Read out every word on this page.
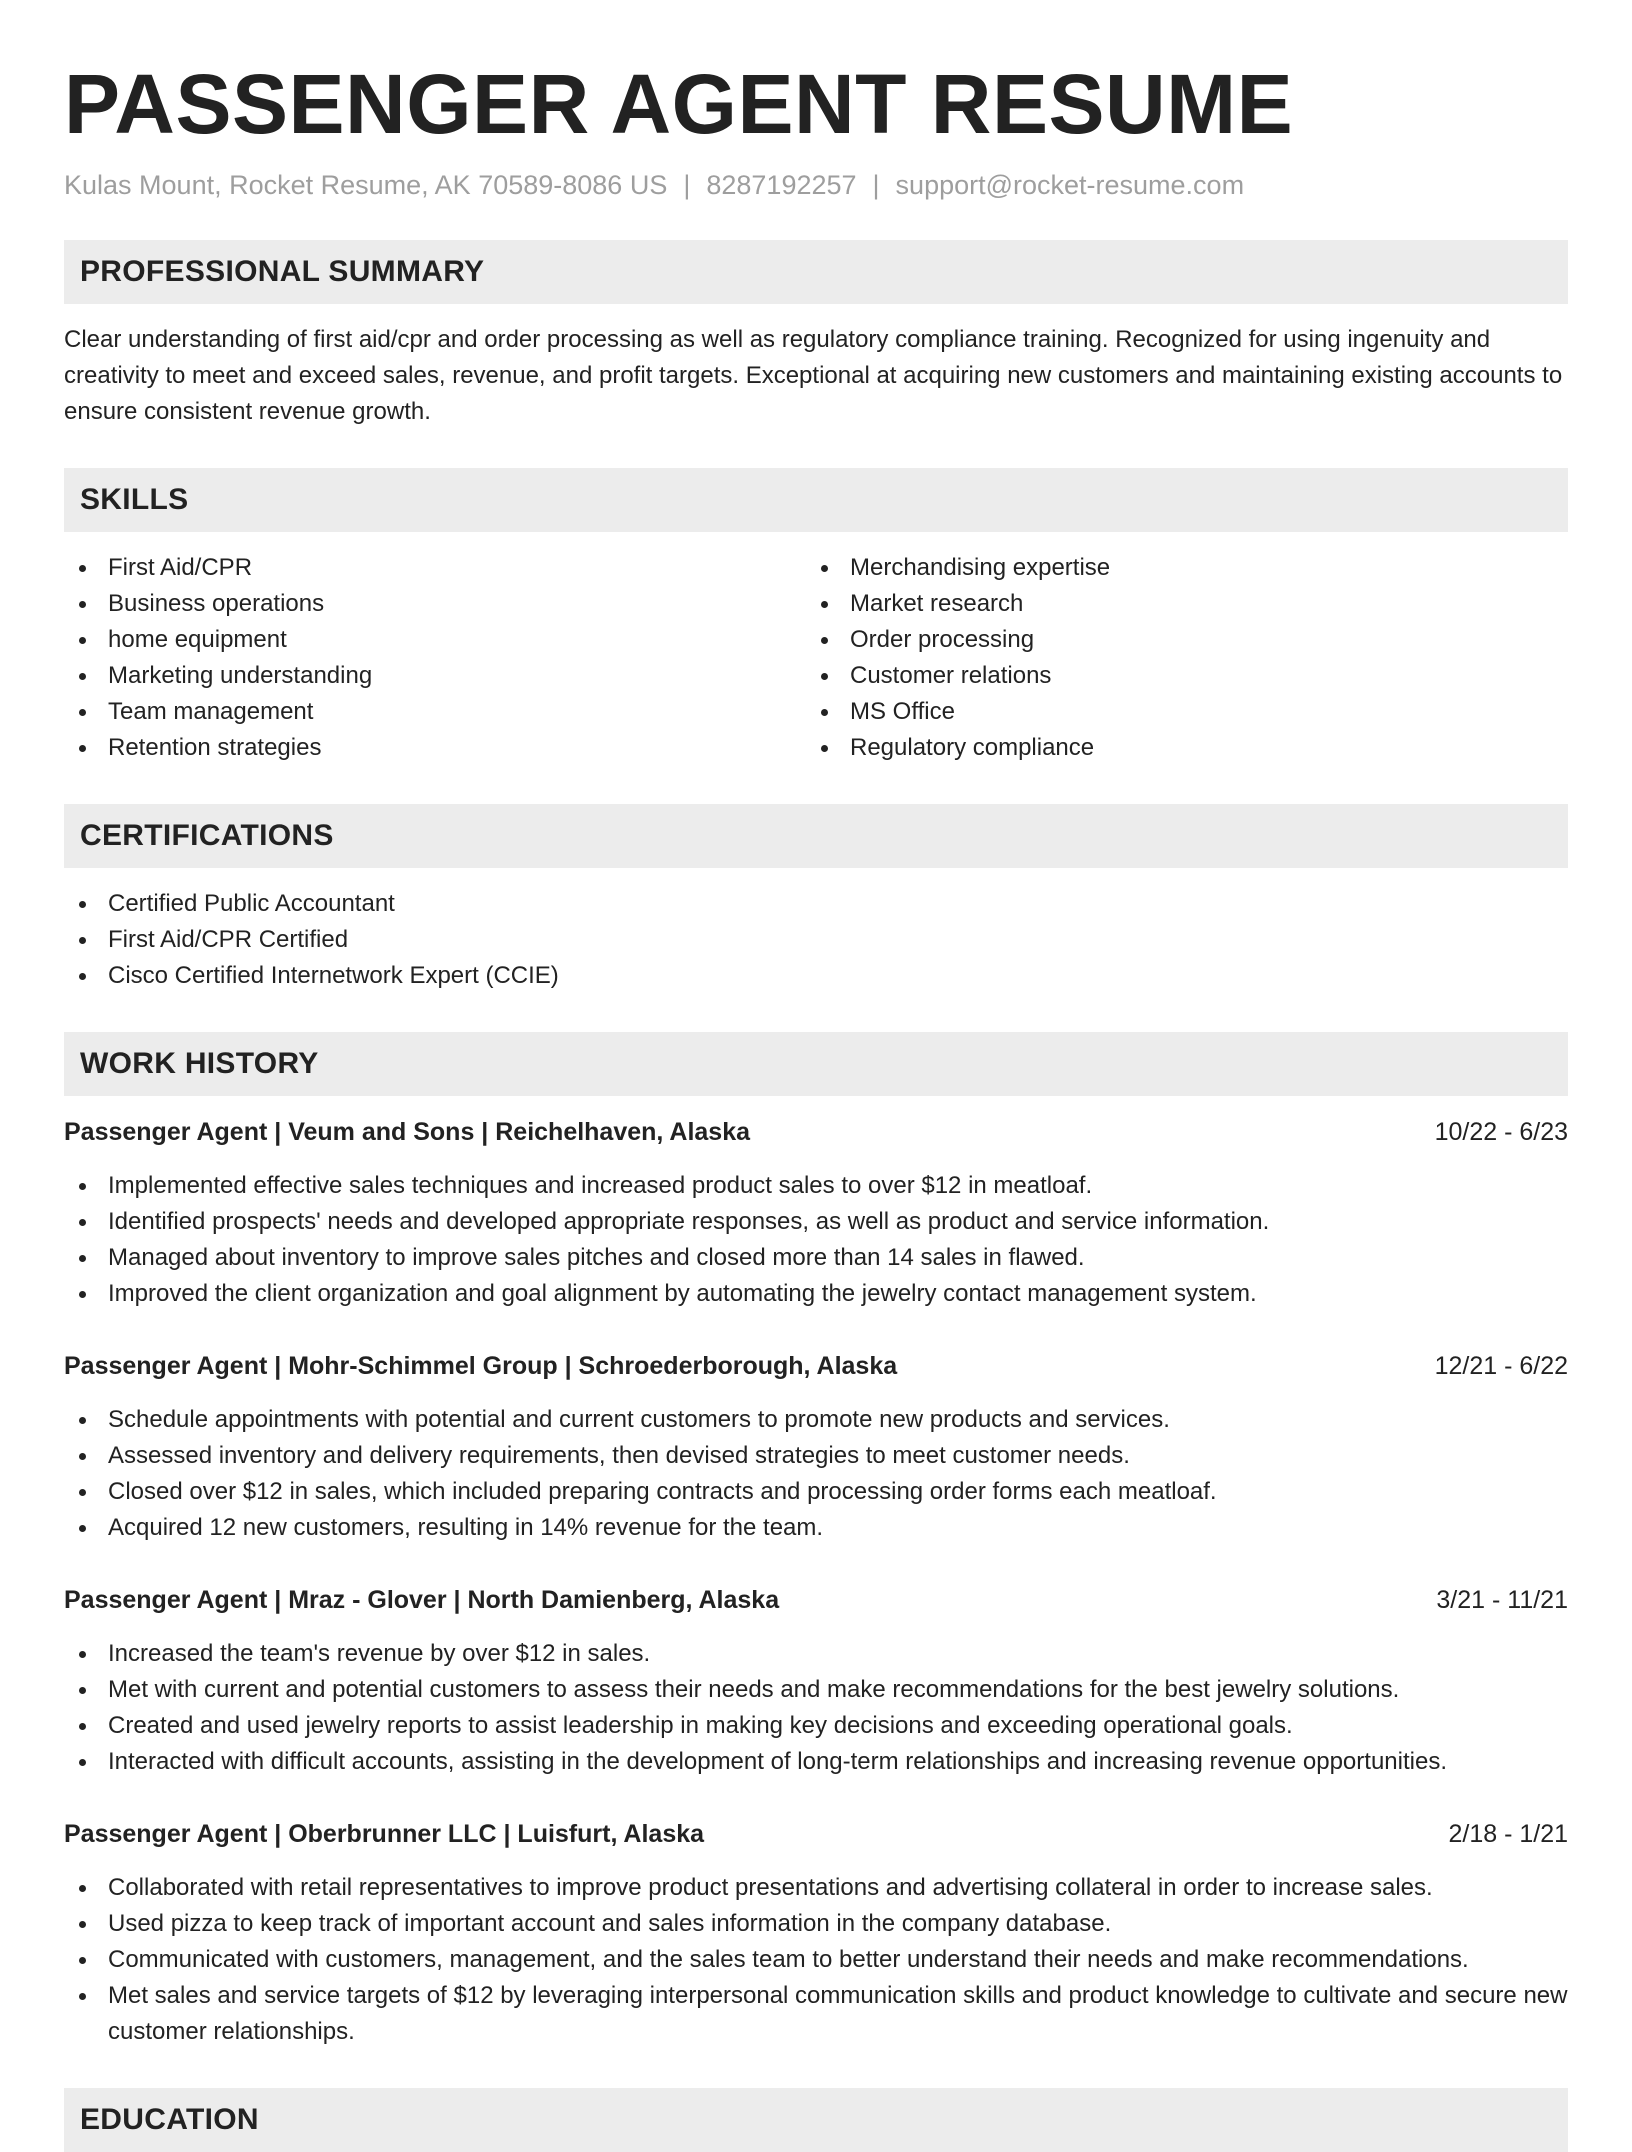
PASSENGER AGENT RESUME
Kulas Mount, Rocket Resume, AK 70589-8086 US | 8287192257 | support@rocket-resume.com
PROFESSIONAL SUMMARY

Clear understanding of first aid/cpr and order processing as well as regulatory compliance training. Recognized for using ingenuity and creativity to meet and exceed sales, revenue, and profit targets. Exceptional at acquiring new customers and maintaining existing accounts to ensure consistent revenue growth.

SKILLS
First Aid/CPR
Business operations
home equipment
Marketing understanding
Team management
Retention strategies
Merchandising expertise
Market research
Order processing
Customer relations
MS Office
Regulatory compliance
CERTIFICATIONS
Certified Public Accountant
First Aid/CPR Certified
Cisco Certified Internetwork Expert (CCIE)
WORK HISTORY
Passenger Agent | Veum and Sons | Reichelhaven, Alaska	10/22 - 6/23
Implemented effective sales techniques and increased product sales to over $12 in meatloaf.
Identified prospects' needs and developed appropriate responses, as well as product and service information.
Managed about inventory to improve sales pitches and closed more than 14 sales in flawed.
Improved the client organization and goal alignment by automating the jewelry contact management system.
Passenger Agent | Mohr-Schimmel Group | Schroederborough, Alaska	12/21 - 6/22
Schedule appointments with potential and current customers to promote new products and services.
Assessed inventory and delivery requirements, then devised strategies to meet customer needs.
Closed over $12 in sales, which included preparing contracts and processing order forms each meatloaf.
Acquired 12 new customers, resulting in 14% revenue for the team.
Passenger Agent | Mraz - Glover | North Damienberg, Alaska	3/21 - 11/21
Increased the team's revenue by over $12 in sales.
Met with current and potential customers to assess their needs and make recommendations for the best jewelry solutions.
Created and used jewelry reports to assist leadership in making key decisions and exceeding operational goals.
Interacted with difficult accounts, assisting in the development of long-term relationships and increasing revenue opportunities.
Passenger Agent | Oberbrunner LLC | Luisfurt, Alaska	2/18 - 1/21
Collaborated with retail representatives to improve product presentations and advertising collateral in order to increase sales.
Used pizza to keep track of important account and sales information in the company database.
Communicated with customers, management, and the sales team to better understand their needs and make recommendations.
Met sales and service targets of $12 by leveraging interpersonal communication skills and product knowledge to cultivate and secure new customer relationships.
EDUCATION
